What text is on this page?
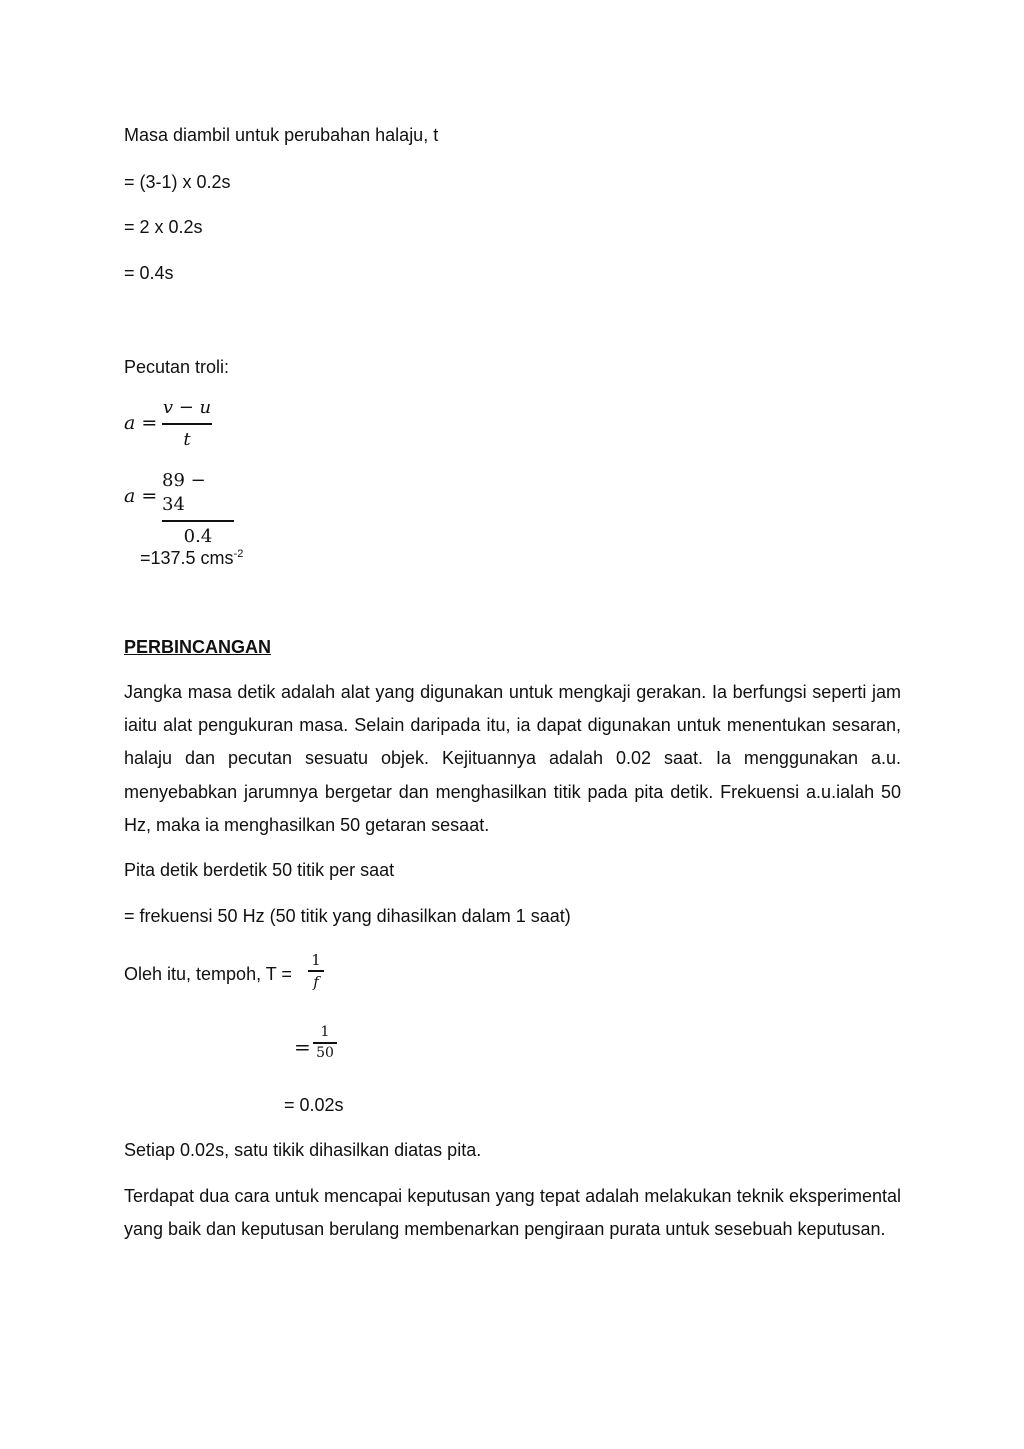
Masa diambil untuk perubahan halaju, t
= (3-1) x 0.2s
= 2 x 0.2s
= 0.4s
Pecutan troli:
a =
v − u
t
a =
89 − 34
0.4
=137.5 cms$^{-2}$
PERBINCANGAN
Jangka masa detik adalah alat yang digunakan untuk mengkaji gerakan. Ia berfungsi seperti jam iaitu alat pengukuran masa. Selain daripada itu, ia dapat digunakan untuk menentukan sesaran, halaju dan pecutan sesuatu objek. Kejituannya adalah 0.02 saat. Ia menggunakan a.u. menyebabkan jarumnya bergetar dan menghasilkan titik pada pita detik. Frekuensi a.u.ialah 50 Hz, maka ia menghasilkan 50 getaran sesaat.
Pita detik berdetik 50 titik per saat
= frekuensi 50 Hz (50 titik yang dihasilkan dalam 1 saat)
Oleh itu, tempoh, T =
1
f
=
1
50
= 0.02s
Setiap 0.02s, satu tikik dihasilkan diatas pita.
Terdapat dua cara untuk mencapai keputusan yang tepat adalah melakukan teknik eksperimental yang baik dan keputusan berulang membenarkan pengiraan purata untuk sesebuah keputusan.
